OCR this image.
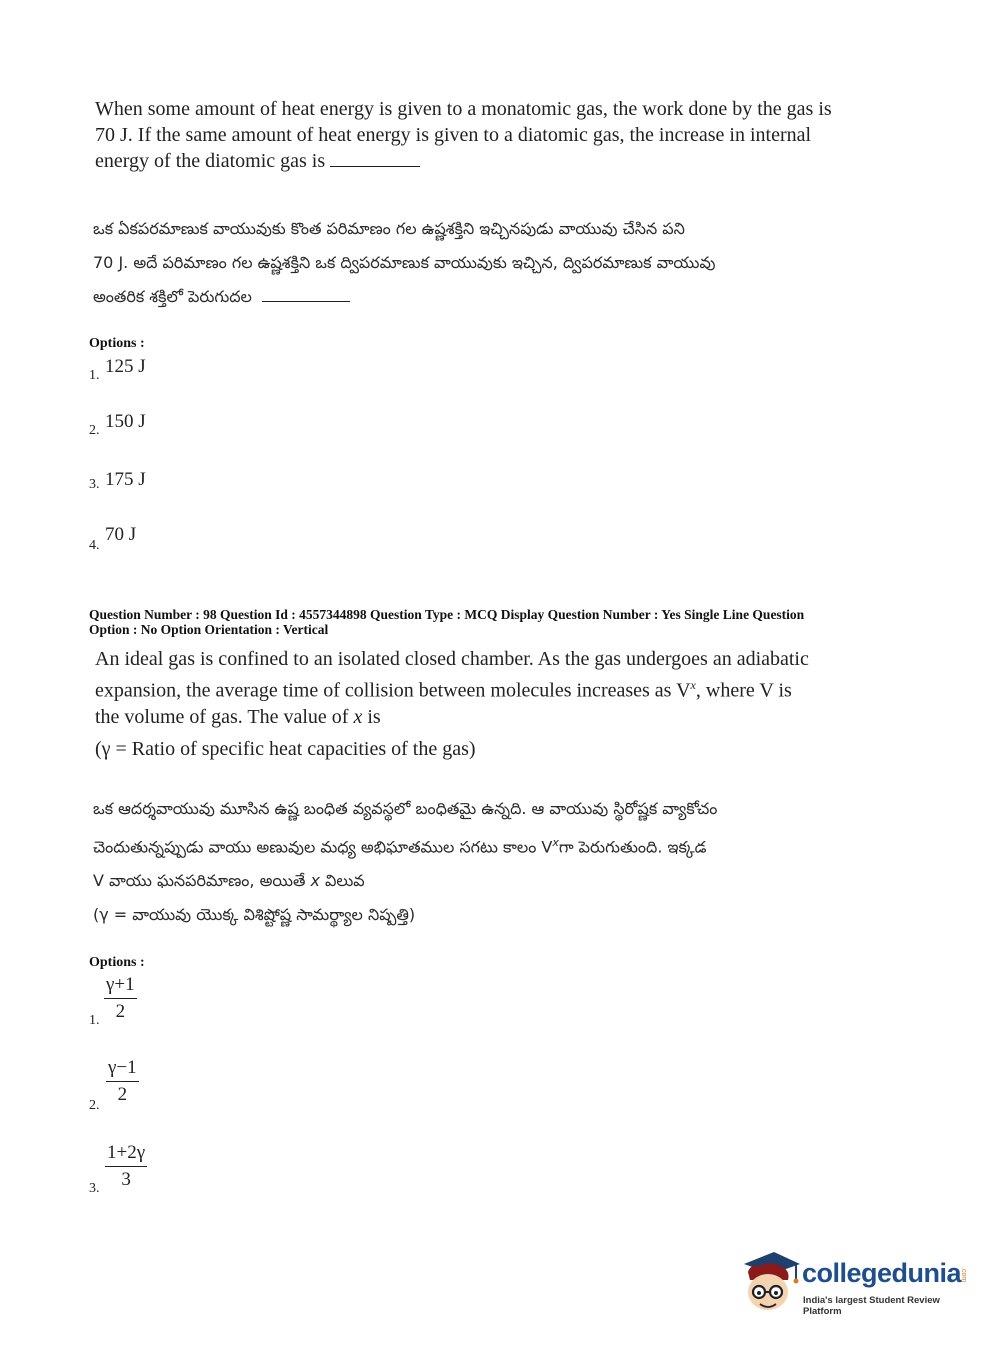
When some amount of heat energy is given to a monatomic gas, the work done by the gas is
70 J. If the same amount of heat energy is given to a diatomic gas, the increase in internal
energy of the diatomic gas is
ఒక ఏకపరమాణుక వాయువుకు కొంత పరిమాణం గల ఉష్ణశక్తిని ఇచ్చినపుడు వాయువు చేసిన పని
70 J. అదే పరిమాణం గల ఉష్ణశక్తిని ఒక ద్విపరమాణుక వాయువుకు ఇచ్చిన, ద్విపరమాణుక వాయువు
అంతరిక శక్తిలో పెరుగుదల
Options :
1. 125 J
2. 150 J
3. 175 J
4.
70 J
Question Number : 98 Question Id : 4557344898 Question Type : MCQ Display Question Number : Yes Single Line Question
Option : No Option Orientation : Vertical
An ideal gas is confined to an isolated closed chamber. As the gas undergoes an adiabatic
expansion, the average time of collision between molecules increases as $V^x$, where V is
the volume of gas. The value of x is
(γ = Ratio of specific heat capacities of the gas)
ఒక ఆదర్శవాయువు మూసిన ఉష్ణ బంధిత వ్యవస్థలో బంధితమై ఉన్నది. ఆ వాయువు స్థిరోష్ణక వ్యాకోచం
చెందుతున్నప్పుడు వాయు అణువుల మధ్య అభిఘాతముల సగటు కాలం $V^xగా$ పెరుగుతుంది. ఇక్కడ
V వాయు ఘనపరిమాణం, అయితే x విలువ
(γ = వాయువు యొక్క విశిష్టోష్ణ సామర్థ్యాల నిష్పత్తి)
Options :
1. $\frac{\gamma+1}{2}$
2. $\frac{\gamma-1}{2}$
3. $\frac{1+2\gamma}{3}$
collegedunia
.com
India's largest Student Review Platform
